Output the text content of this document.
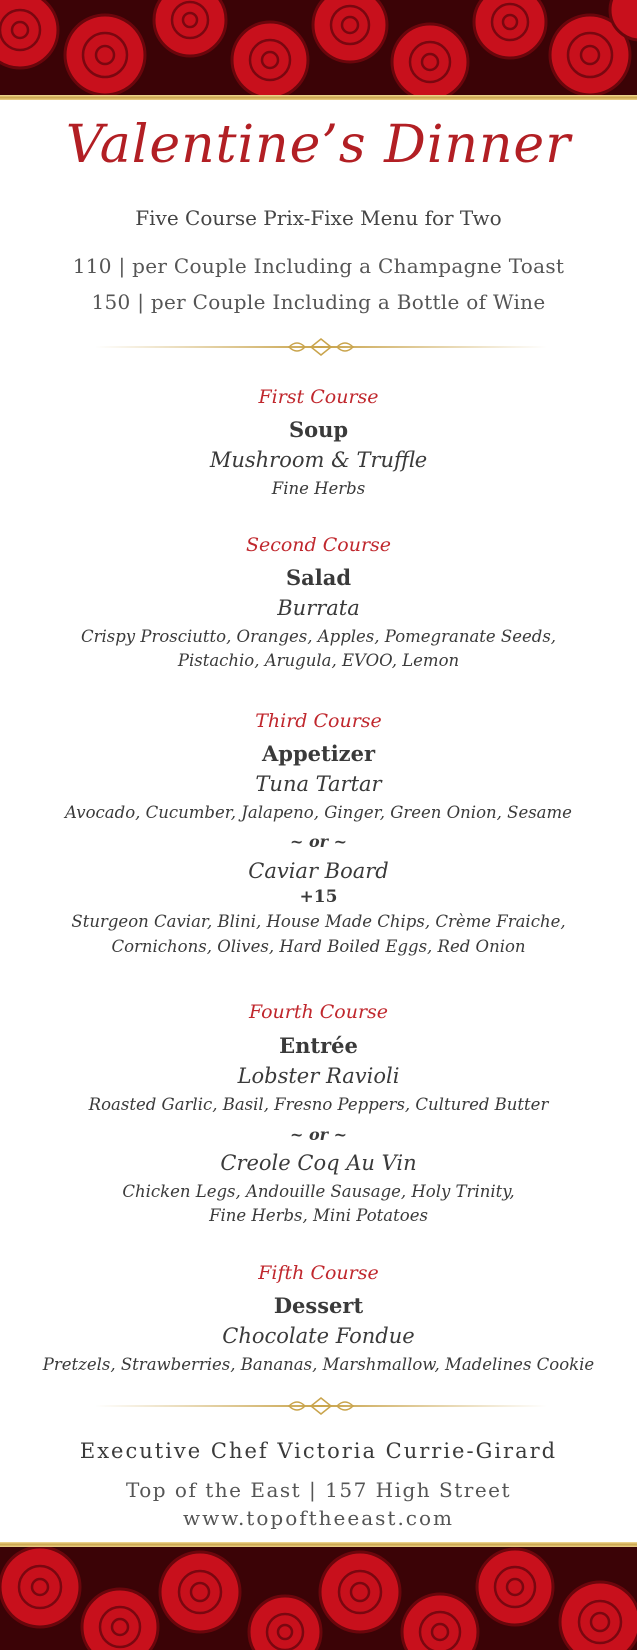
Valentine’s Dinner
Five Course Prix-Fixe Menu for Two
110 | per Couple Including a Champagne Toast
150 | per Couple Including a Bottle of Wine
First Course
Soup
Mushroom & Truffle
Fine Herbs
Second Course
Salad
Burrata
Crispy Prosciutto, Oranges, Apples, Pomegranate Seeds,
Pistachio, Arugula, EVOO, Lemon
Third Course
Appetizer
Tuna Tartar
Avocado, Cucumber, Jalapeno, Ginger, Green Onion, Sesame
~ or ~
Caviar Board
+15
Sturgeon Caviar, Blini, House Made Chips, Crème Fraiche,
Cornichons, Olives, Hard Boiled Eggs, Red Onion
Fourth Course
Entrée
Lobster Ravioli
Roasted Garlic, Basil, Fresno Peppers, Cultured Butter
~ or ~
Creole Coq Au Vin
Chicken Legs, Andouille Sausage, Holy Trinity,
Fine Herbs, Mini Potatoes
Fifth Course
Dessert
Chocolate Fondue
Pretzels, Strawberries, Bananas, Marshmallow, Madelines Cookie
Executive Chef Victoria Currie-Girard
Top of the East | 157 High Street
www.topoftheeast.com
